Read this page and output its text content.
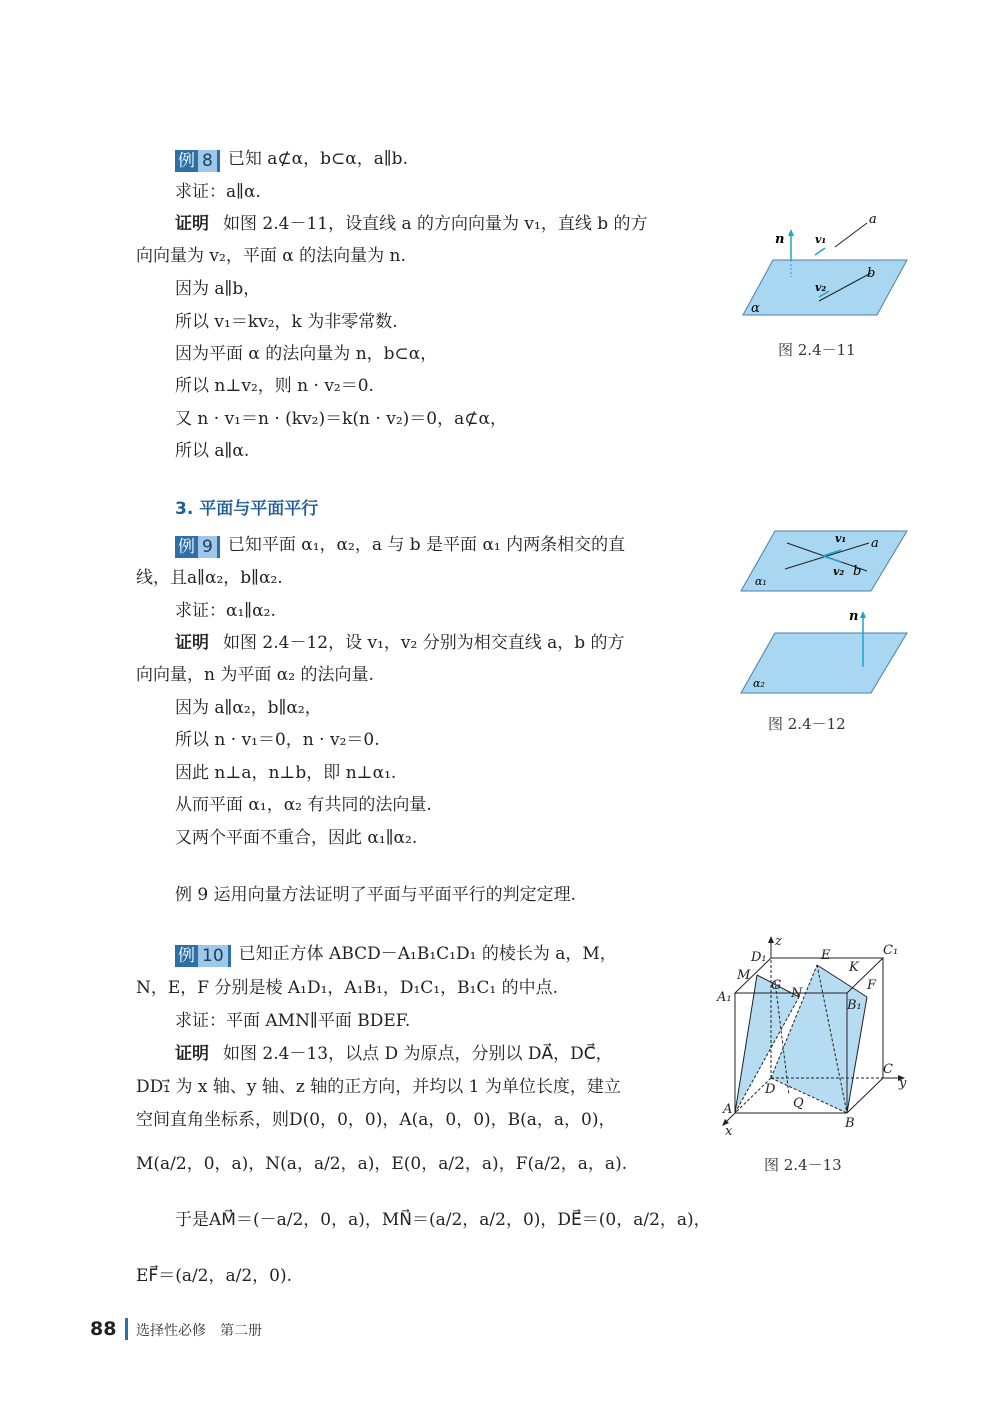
例 8 已知 a⊄α，b⊂α，a∥b.
求证：a∥α.
证明 如图 2.4－11，设直线 a 的方向向量为 v₁，直线 b 的方
向向量为 v₂，平面 α 的法向量为 n.
因为 a∥b，
所以 v₁＝kv₂，k 为非零常数.
因为平面 α 的法向量为 n，b⊂α，
所以 n⊥v₂，则 n · v₂＝0.
又 n · v₁＝n · (kv₂)＝k(n · v₂)＝0，a⊄α，
所以 a∥α.
n	v₁
a
v₂
b
α
图 2.4－11
3. 平面与平面平行
例 9 已知平面 α₁，α₂，a 与 b 是平面 α₁ 内两条相交的直
线，且a∥α₂，b∥α₂.
求证：α₁∥α₂.
证明 如图 2.4－12，设 v₁，v₂ 分别为相交直线 a，b 的方
向向量，n 为平面 α₂ 的法向量.
因为 a∥α₂，b∥α₂，
所以 n · v₁＝0，n · v₂＝0.
因此 n⊥a，n⊥b，即 n⊥α₁.
从而平面 α₁，α₂ 有共同的法向量.
又两个平面不重合，因此 α₁∥α₂.
例 9 运用向量方法证明了平面与平面平行的判定定理.
v₁ a
v₂ b
α₁
n
α₂
图 2.4－12
例 10 已知正方体 ABCD－A₁B₁C₁D₁ 的棱长为 a，M，
N，E，F 分别是棱 A₁D₁，A₁B₁，D₁C₁，B₁C₁ 的中点.
求证：平面 AMN∥平面 BDEF.
证明 如图 2.4－13，以点 D 为原点，分别以 DA⃗，DC⃗，
DD₁⃗ 为 x 轴、y 轴、z 轴的正方向，并均以 1 为单位长度，建立
空间直角坐标系，则D(0，0，0)，A(a，0，0)，B(a，a，0)，
M(a/2，0，a)，N(a，a/2，a)，E(0，a/2，a)，F(a/2，a，a).
于是AM⃗＝(－a/2，0，a)，MN⃗＝(a/2，a/2，0)，DE⃗＝(0，a/2，a)，
EF⃗＝(a/2，a/2，0).
z
D₁	E
K
C₁
M
G
N
F
A₁
B₁
C
y
D
A	Q
B
x
图 2.4－13
88 选择性必修　第二册
